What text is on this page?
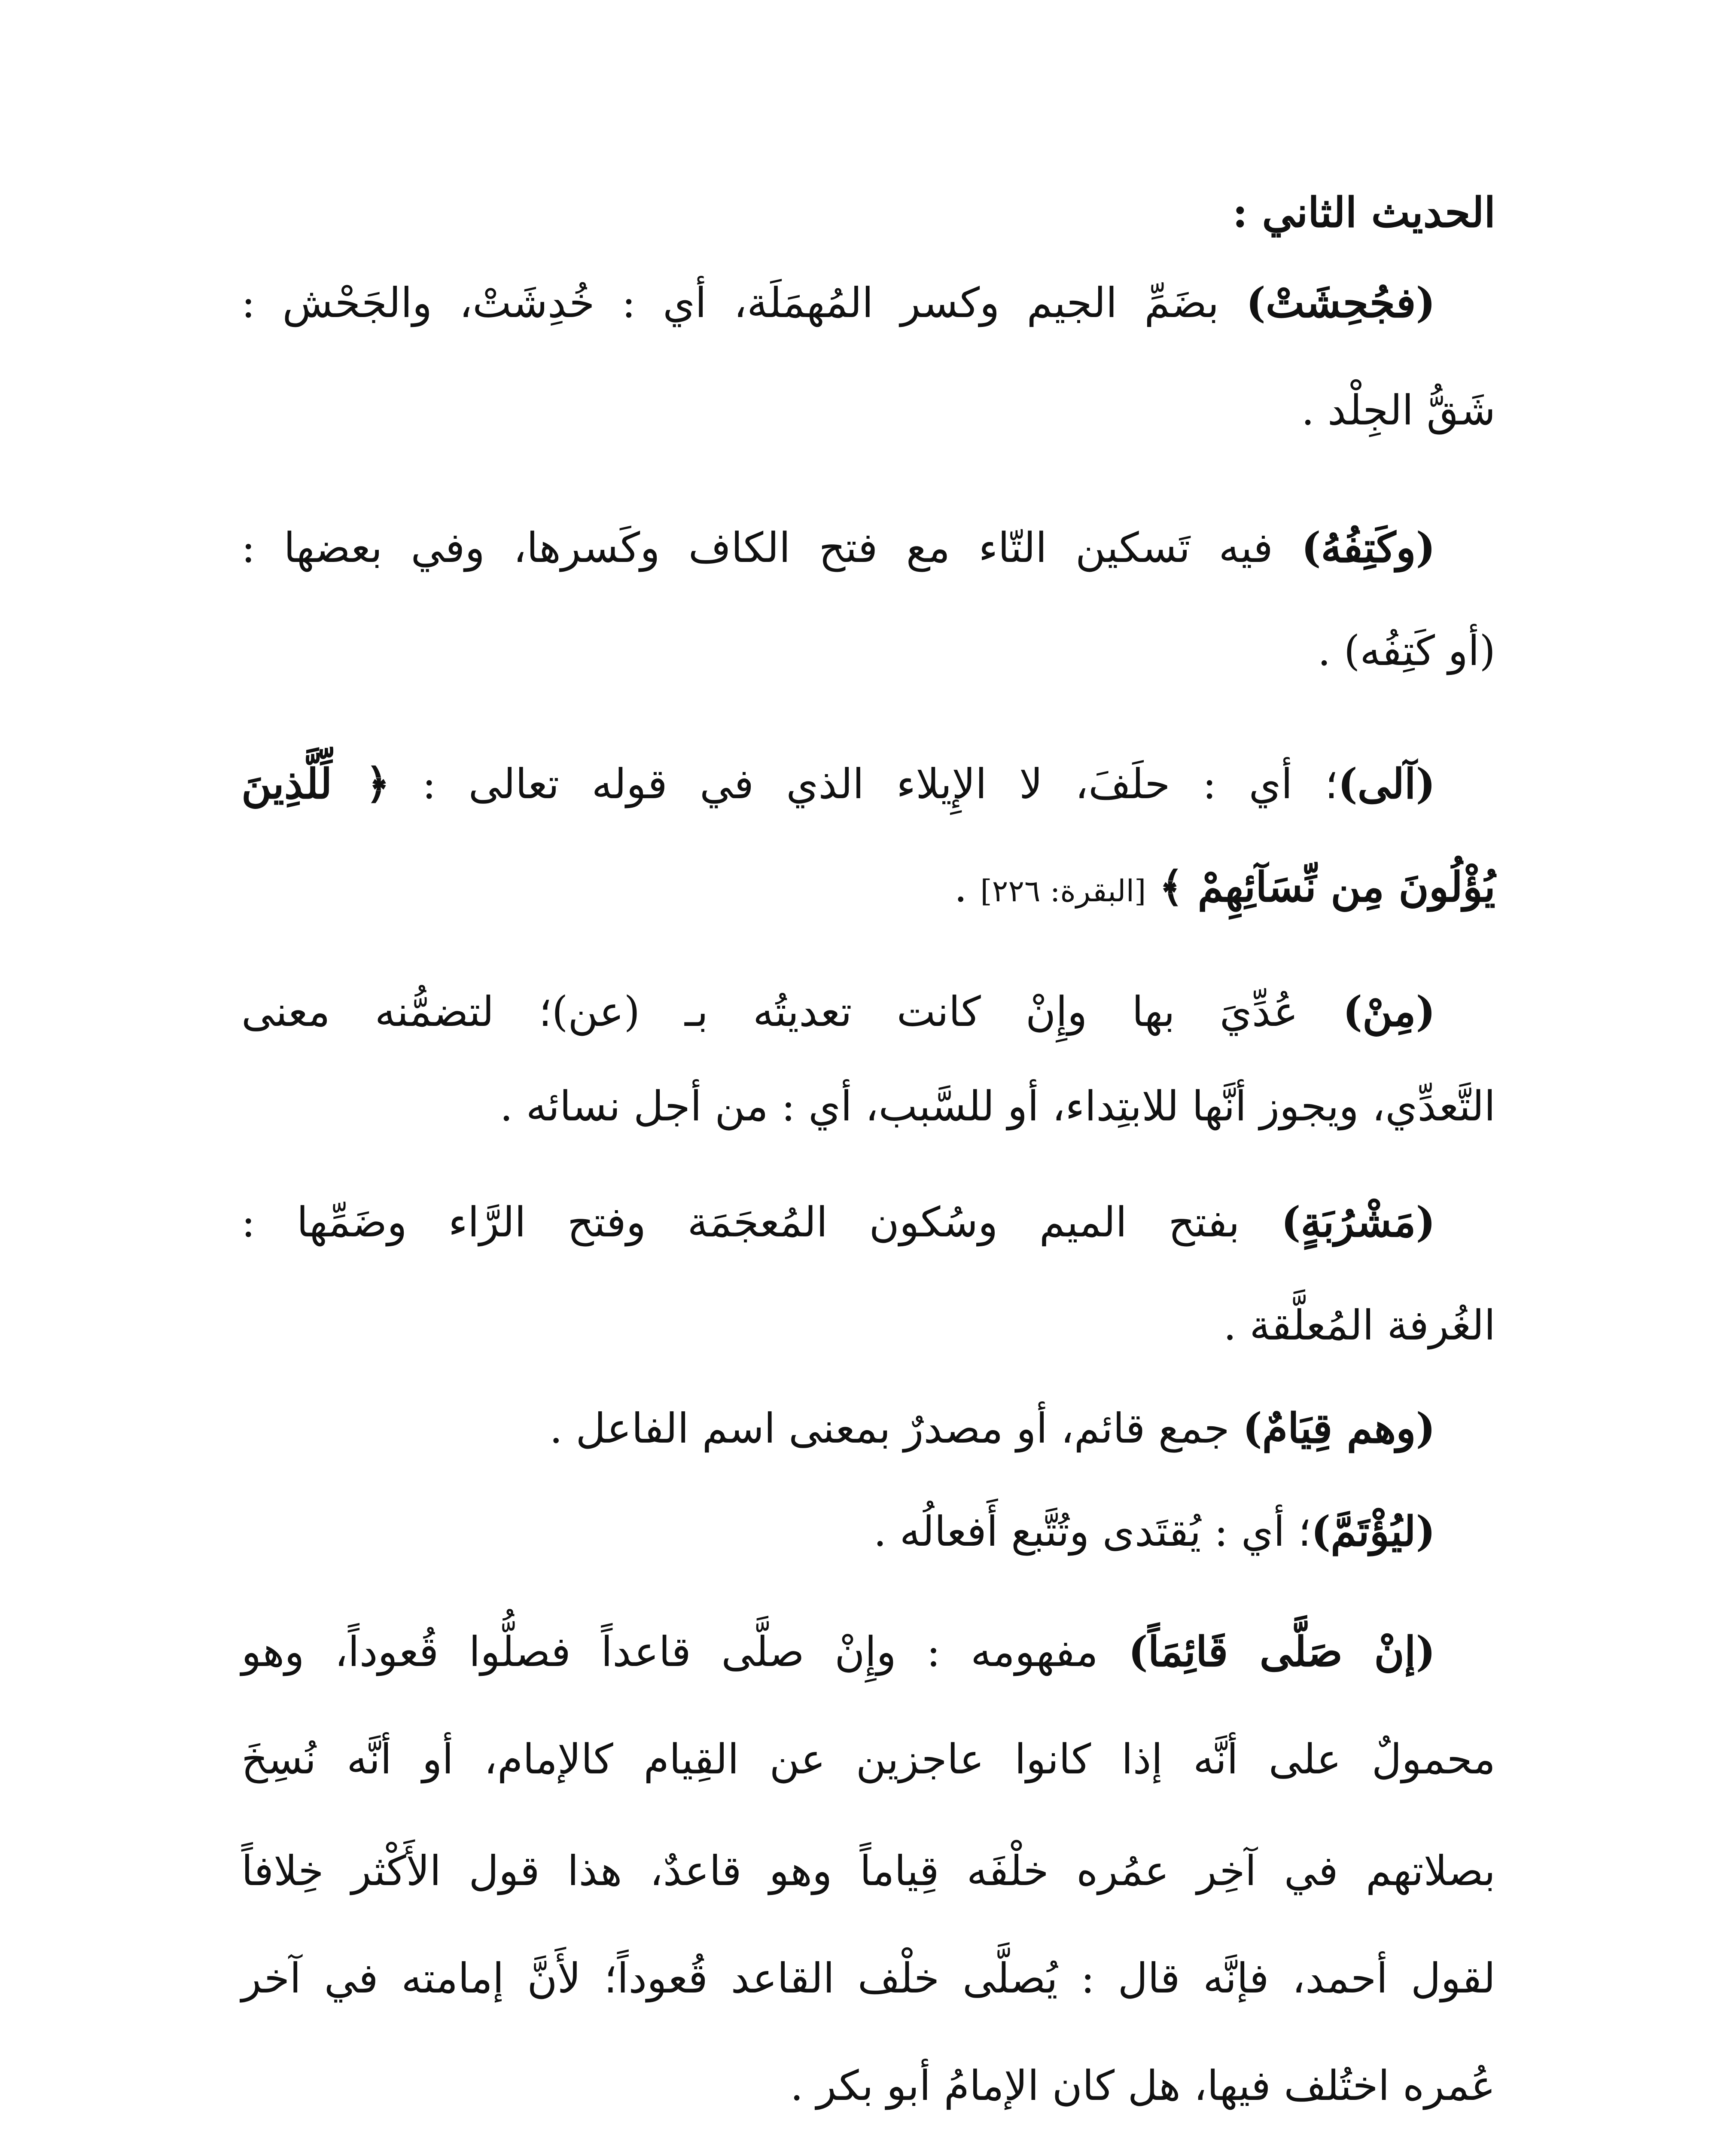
الحديث الثاني :
(فجُحِشَتْ) بضَمِّ الجيم وكسر المُهمَلَة، أي : خُدِشَتْ، والجَحْش :
شَقُّ الجِلْد .
(وكَتِفُهُ) فيه تَسكين التّاء مع فتح الكاف وكَسرها، وفي بعضها :
(أو كَتِفُه) .
(آلى)؛ أي : حلَفَ، لا الإِيلاء الذي في قوله تعالى : ﴿ لِّلَّذِينَ
يُؤْلُونَ مِن نِّسَآئِهِمْ ﴾ [البقرة: ٢٢٦] .
(مِنْ) عُدِّيَ بها وإِنْ كانت تعديتُه بـ (عن)؛ لتضمُّنه معنى
التَّعدِّي، ويجوز أنَّها للابتِداء، أو للسَّبب، أي : من أجل نسائه .
(مَشْرُبَةٍ) بفتح الميم وسُكون المُعجَمَة وفتح الرَّاء وضَمِّها :
الغُرفة المُعلَّقة .
(وهم قِيَامٌ) جمع قائم، أو مصدرٌ بمعنى اسم الفاعل .
(ليُؤْتَمَّ)؛ أي : يُقتَدى وتُتَّبع أَفعالُه .
(إنْ صَلَّى قَائِمَاً) مفهومه : وإِنْ صلَّى قاعداً فصلُّوا قُعوداً، وهو
محمولٌ على أنَّه إذا كانوا عاجزين عن القِيام كالإمام، أو أنَّه نُسِخَ
بصلاتهم في آخِر عمُره خلْفَه قِياماً وهو قاعدٌ، هذا قول الأَكْثر خِلافاً
لقول أحمد، فإنَّه قال : يُصلَّى خلْف القاعد قُعوداً؛ لأَنَّ إمامته في آخر
عُمره اختُلف فيها، هل كان الإمامُ أبو بكر .
